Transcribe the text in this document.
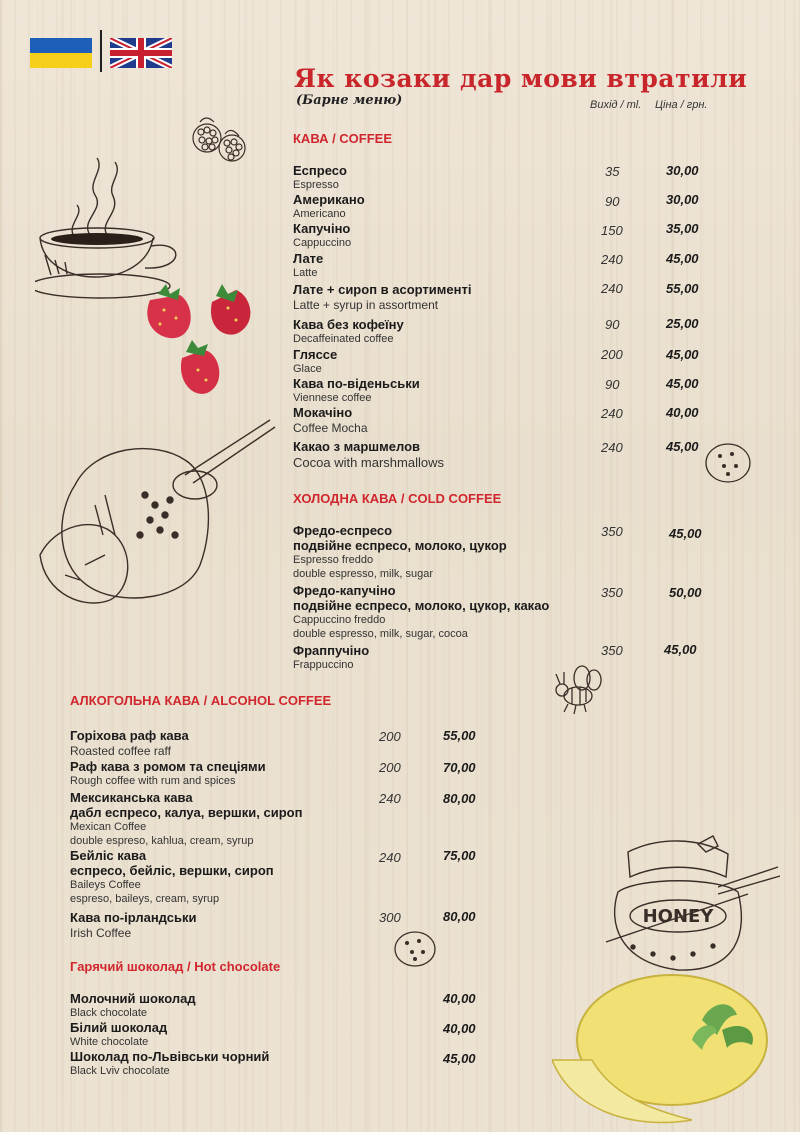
Як козаки дар мови втратили
(Барне меню)	Вихід / ml. Ціна / грн.
HONEY
КАВА / COFFEE
Еспресо
Espresso
35	30,00
Американо
Americano
90	30,00
Капучіно
Cappuccino
150	35,00
Лате
Latte
240	45,00
Лате + сироп в асортименті
Latte + syrup in assortment
240	55,00
Кава без кофеїну
Decaffeinated coffee
90	25,00
Гляссе
Glace
200	45,00
Кава по-віденьськи
Viennese coffee
90	45,00
Мокачіно
Coffee Mocha
240	40,00
Какао з маршмелов
Cocoa with marshmallows
240	45,00
ХОЛОДНА КАВА / COLD COFFEE
Фредо-еспресо
подвійне еспресо, молоко, цукор
Espresso freddo
double espresso, milk, sugar
350	45,00
Фредо-капучіно
подвійне еспресо, молоко, цукор, какао
Cappuccino freddo
double espresso, milk, sugar, cocoa
350	50,00
Фраппучіно
Frappuccino
350	45,00
АЛКОГОЛЬНА КАВА / ALCOHOL COFFEE
Горіхова раф кава
Roasted coffee raff
200	55,00
Раф кава з ромом та спеціями
Rough coffee with rum and spices
200	70,00
Мексиканська кава
дабл еспресо, калуа, вершки, сироп
Mexican Coffee
double espreso, kahlua, cream, syrup
240	80,00
Бейліс кава
еспресо, бейліс, вершки, сироп
Baileys Coffee
espreso, baileys, cream, syrup
240	75,00
Кава по-ірландськи
Irish Coffee
300	80,00
Гарячий шоколад / Hot chocolate
Молочний шоколад
Black chocolate
40,00
Білий шоколад
White chocolate
40,00
Шоколад по-Львівськи чорний
Black Lviv chocolate
45,00
